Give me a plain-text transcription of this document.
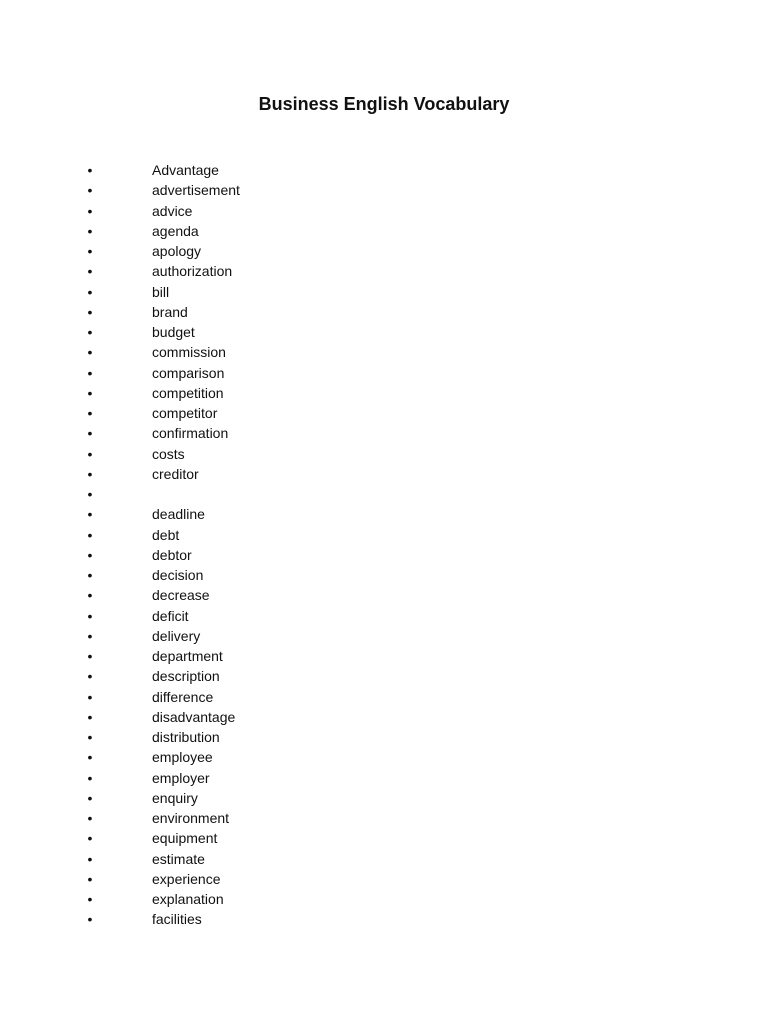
Business English Vocabulary
•	Advantage
•	advertisement
•	advice
•	agenda
•	apology
•	authorization
•	bill
•	brand
•	budget
•	commission
•	comparison
•	competition
•	competitor
•	confirmation
•	costs
•	creditor
•
•	deadline
•	debt
•	debtor
•	decision
•	decrease
•	deficit
•	delivery
•	department
•	description
•	difference
•	disadvantage
•	distribution
•	employee
•	employer
•	enquiry
•	environment
•	equipment
•	estimate
•	experience
•	explanation
•	facilities
